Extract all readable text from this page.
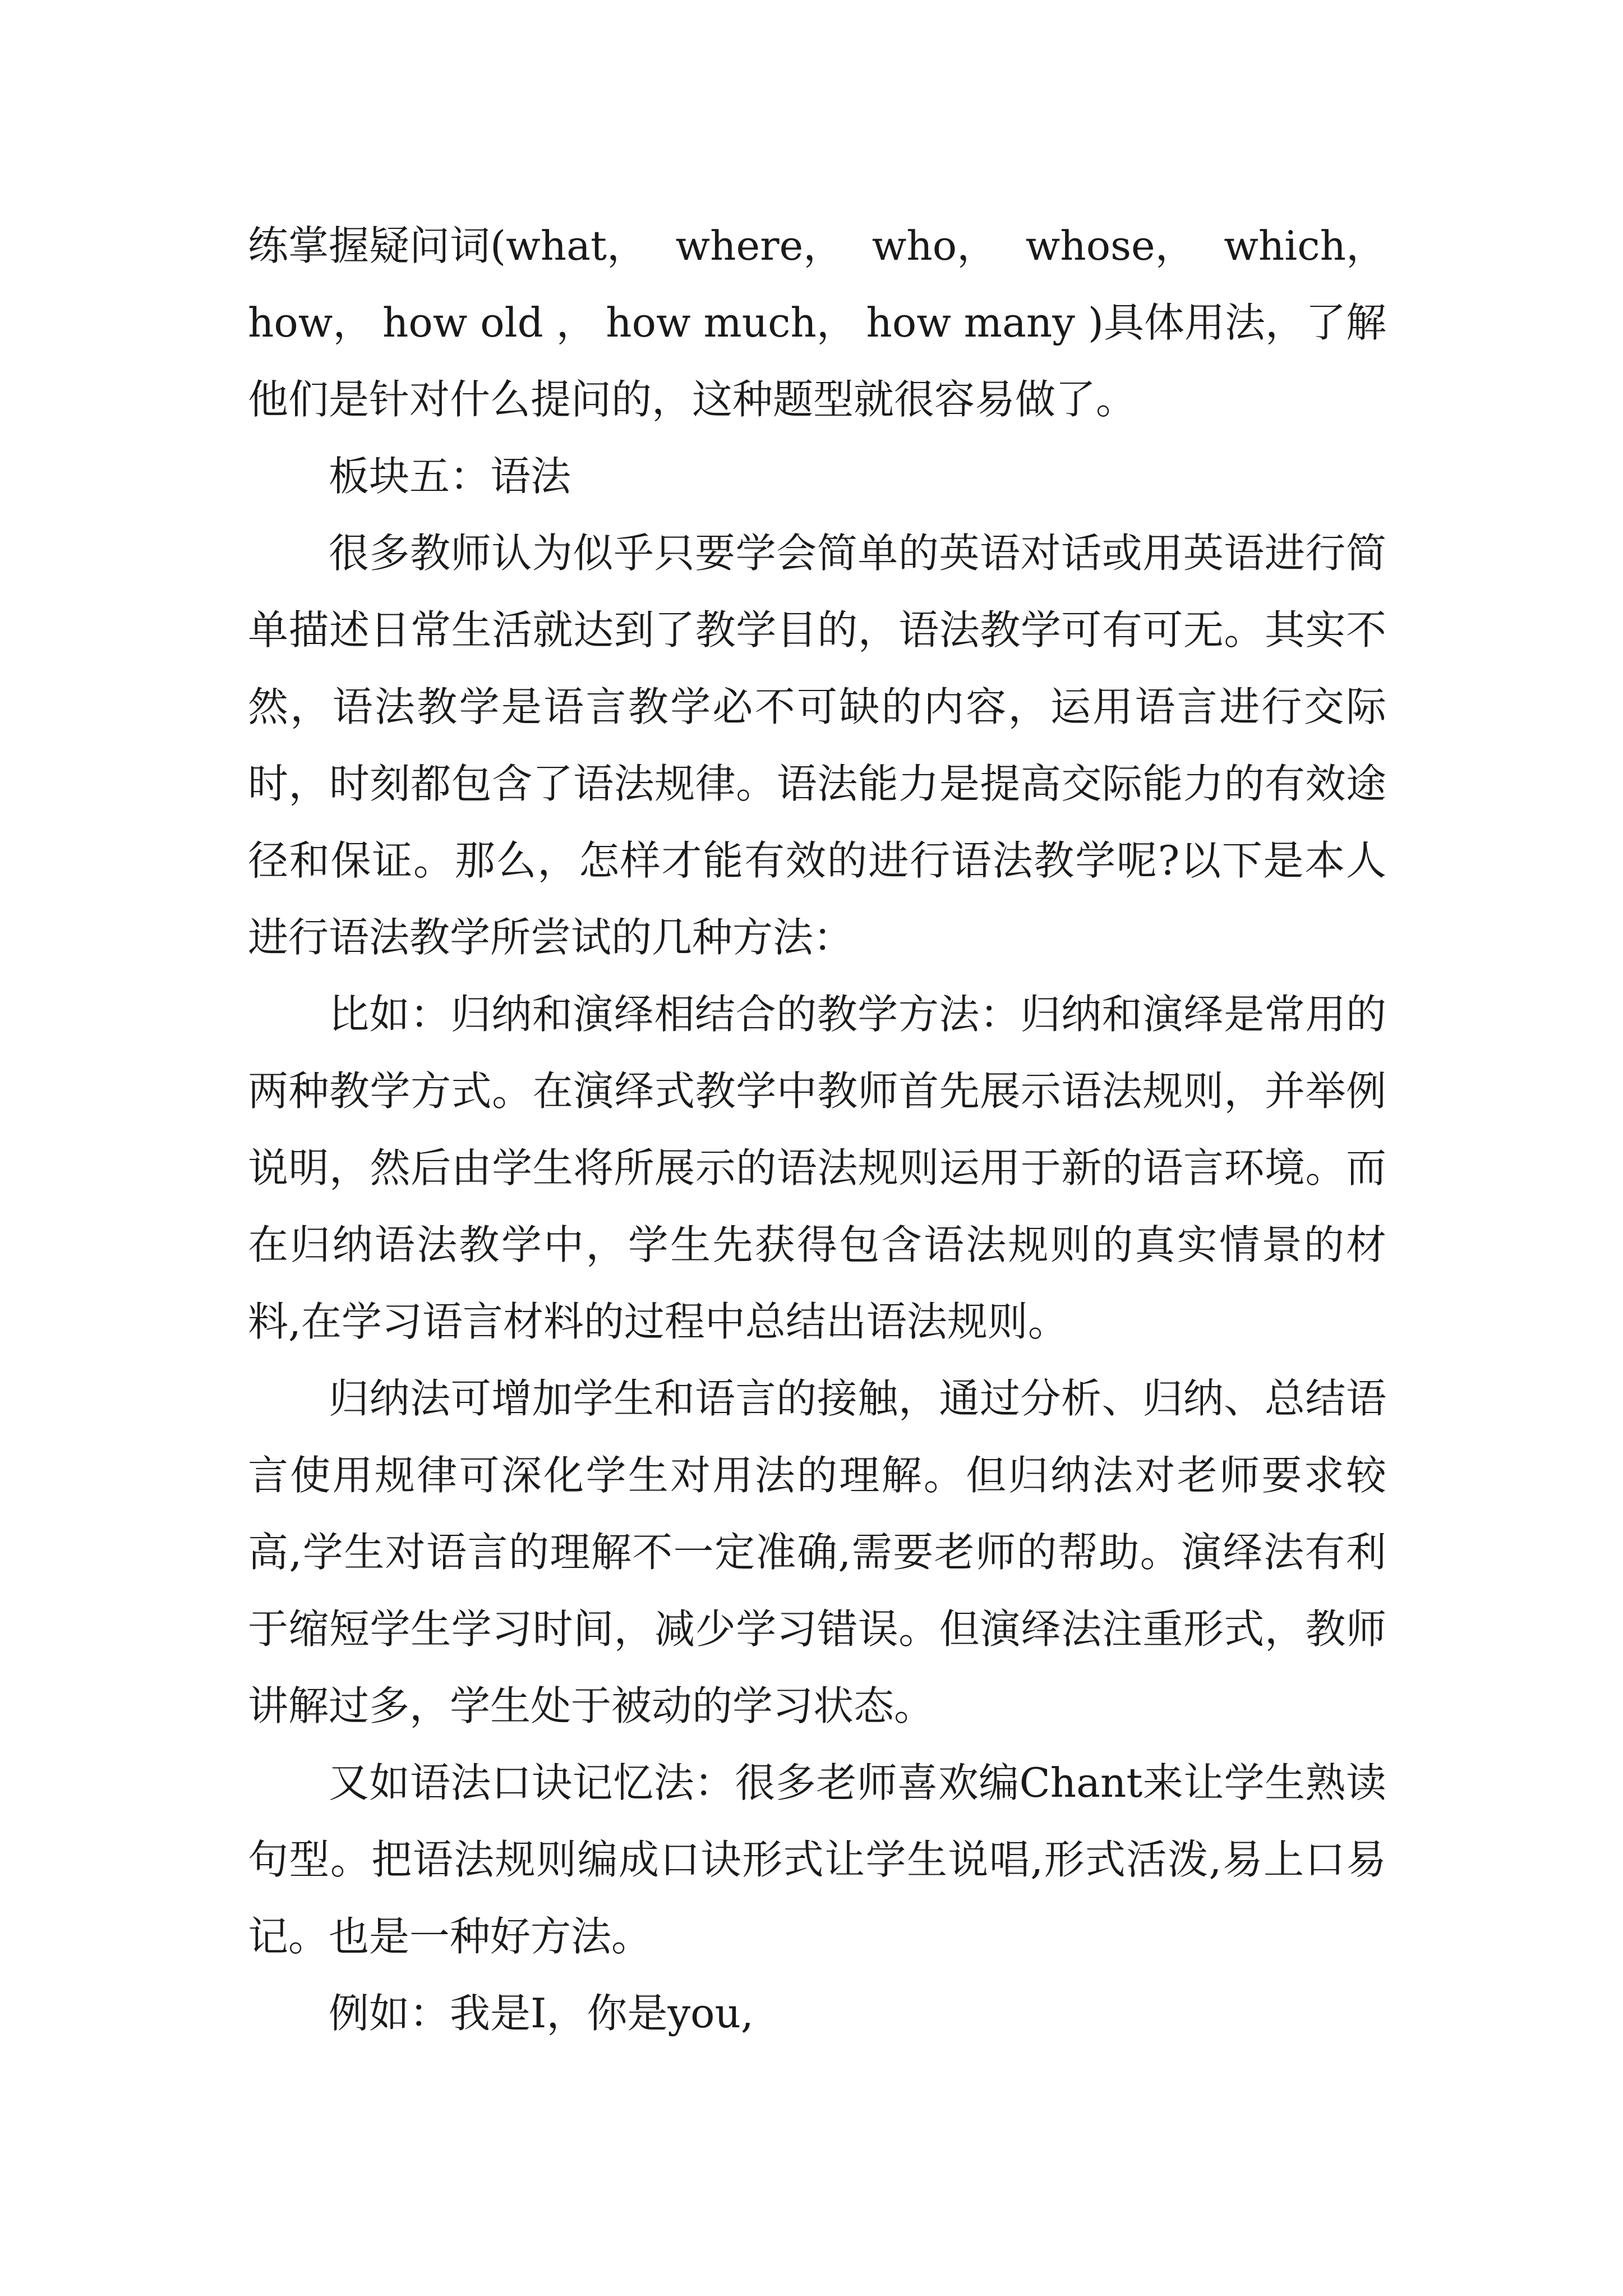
练掌握疑问词(what， where， who， whose， which，
how， how old ， how much， how many )具体用法，了解

他们是针对什么提问的，这种题型就很容易做了。

板块五：语法

很多教师认为似乎只要学会简单的英语对话或用英语进行简单描述日常生活就达到了教学目的，语法教学可有可无。其实不然，语法教学是语言教学必不可缺的内容，运用语言进行交际时，时刻都包含了语法规律。语法能力是提高交际能力的有效途径和保证。那么，怎样才能有效的进行语法教学呢?以下是本人进行语法教学所尝试的几种方法：

比如：归纳和演绎相结合的教学方法：归纳和演绎是常用的两种教学方式。在演绎式教学中教师首先展示语法规则，并举例说明，然后由学生将所展示的语法规则运用于新的语言环境。而在归纳语法教学中，学生先获得包含语法规则的真实情景的材料,在学习语言材料的过程中总结出语法规则。

归纳法可增加学生和语言的接触，通过分析、归纳、总结语言使用规律可深化学生对用法的理解。但归纳法对老师要求较高,学生对语言的理解不一定准确,需要老师的帮助。演绎法有利于缩短学生学习时间，减少学习错误。但演绎法注重形式，教师讲解过多，学生处于被动的学习状态。

又如语法口诀记忆法：很多老师喜欢编Chant来让学生熟读句型。把语法规则编成口诀形式让学生说唱,形式活泼,易上口易记。也是一种好方法。

例如：我是I，你是you,
